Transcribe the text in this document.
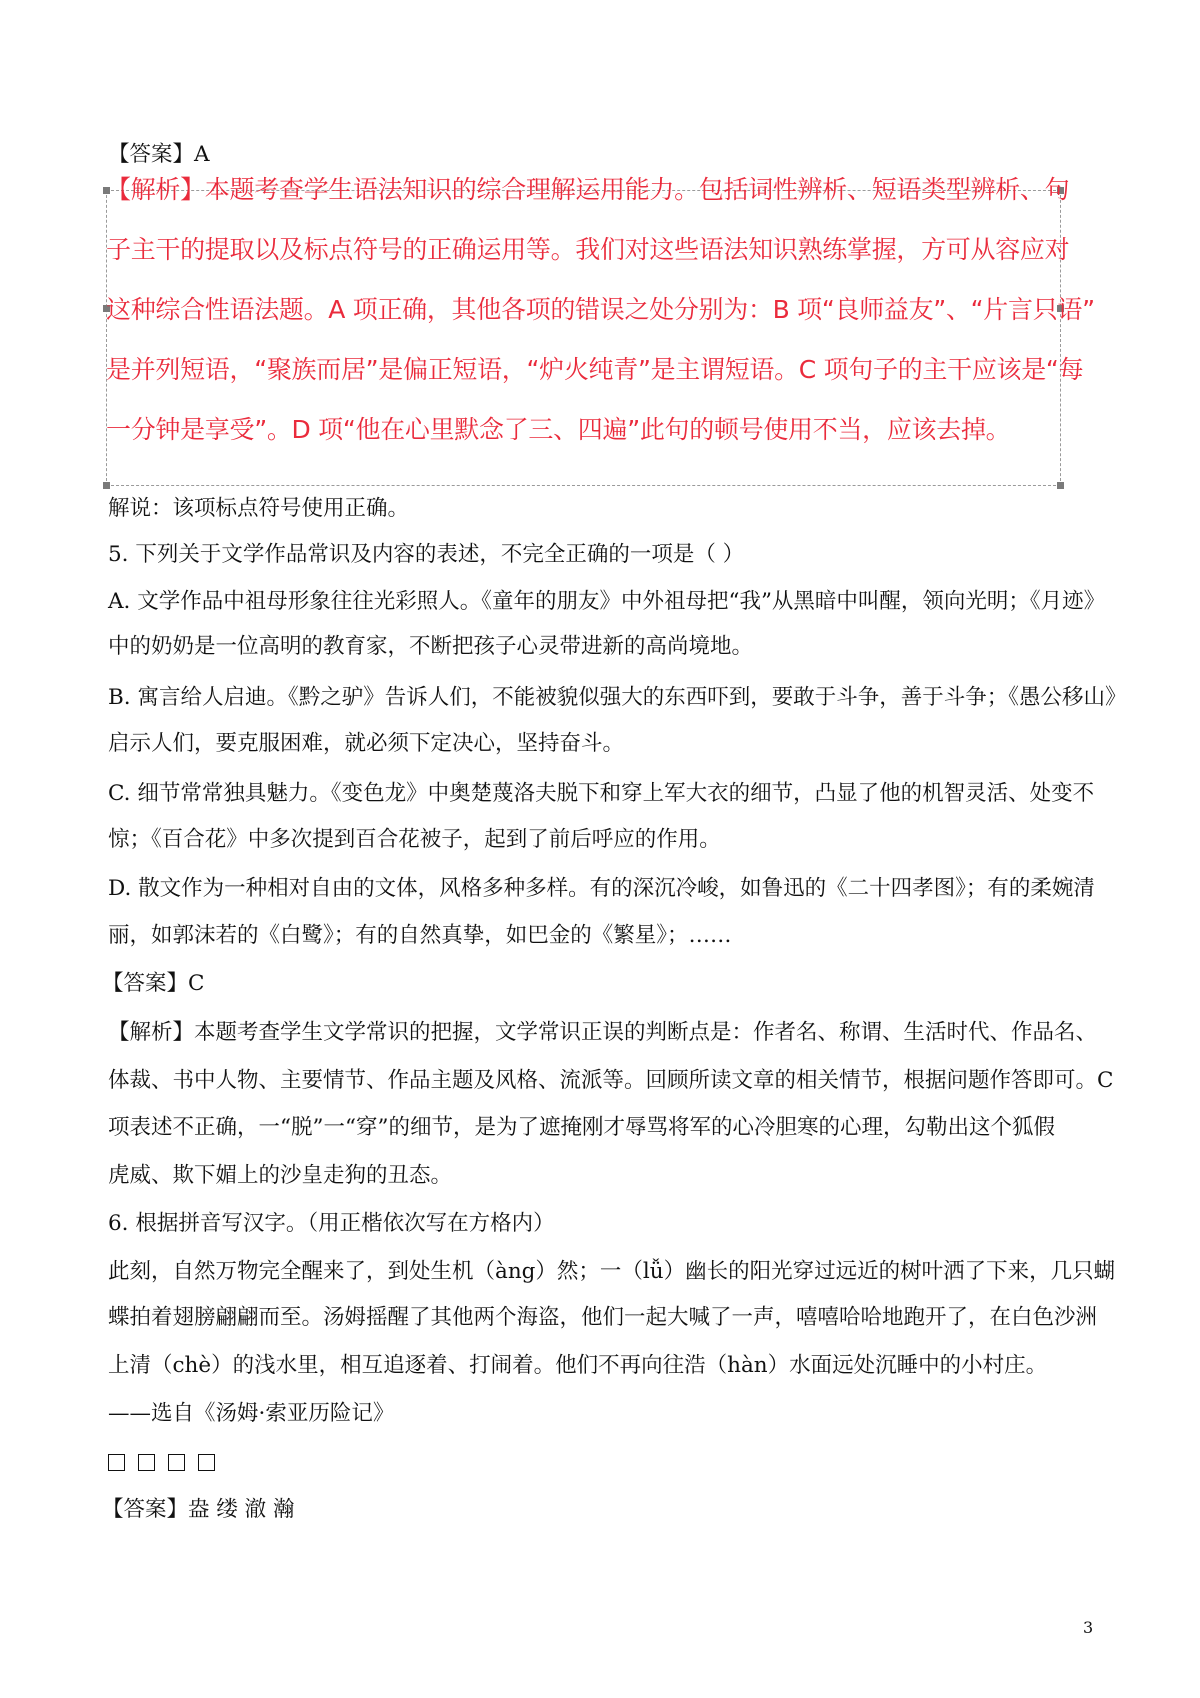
【答案】A
【解析】本题考查学生语法知识的综合理解运用能力。包括词性辨析、短语类型辨析、句
子主干的提取以及标点符号的正确运用等。我们对这些语法知识熟练掌握，方可从容应对
这种综合性语法题。A 项正确，其他各项的错误之处分别为：B 项“良师益友”、“片言只语”
是并列短语，“聚族而居”是偏正短语，“炉火纯青”是主谓短语。C 项句子的主干应该是“每
一分钟是享受”。D 项“他在心里默念了三、四遍”此句的顿号使用不当，应该去掉。
解说：该项标点符号使用正确。
5. 下列关于文学作品常识及内容的表述，不完全正确的一项是（ ）
A. 文学作品中祖母形象往往光彩照人。《童年的朋友》中外祖母把“我”从黑暗中叫醒，领向光明；《月迹》
中的奶奶是一位高明的教育家，不断把孩子心灵带进新的高尚境地。
B. 寓言给人启迪。《黔之驴》告诉人们，不能被貌似强大的东西吓到，要敢于斗争，善于斗争；《愚公移山》
启示人们，要克服困难，就必须下定决心，坚持奋斗。
C. 细节常常独具魅力。《变色龙》中奥楚蔑洛夫脱下和穿上军大衣的细节，凸显了他的机智灵活、处变不
惊；《百合花》中多次提到百合花被子，起到了前后呼应的作用。
D. 散文作为一种相对自由的文体，风格多种多样。有的深沉冷峻，如鲁迅的《二十四孝图》；有的柔婉清
丽，如郭沫若的《白鹭》；有的自然真挚，如巴金的《繁星》；……
【答案】C
【解析】本题考查学生文学常识的把握，文学常识正误的判断点是：作者名、称谓、生活时代、作品名、
体裁、书中人物、主要情节、作品主题及风格、流派等。回顾所读文章的相关情节，根据问题作答即可。C
项表述不正确，一“脱”一“穿”的细节，是为了遮掩刚才辱骂将军的心冷胆寒的心理，勾勒出这个狐假
虎威、欺下媚上的沙皇走狗的丑态。
6. 根据拼音写汉字。（用正楷依次写在方格内）
此刻，自然万物完全醒来了，到处生机（àng）然；一（lǚ）幽长的阳光穿过远近的树叶洒了下来，几只蝴
蝶拍着翅膀翩翩而至。汤姆摇醒了其他两个海盗，他们一起大喊了一声，嘻嘻哈哈地跑开了，在白色沙洲
上清（chè）的浅水里，相互追逐着、打闹着。他们不再向往浩（hàn）水面远处沉睡中的小村庄。
——选自《汤姆·索亚历险记》
【答案】盎 缕 澈 瀚
3
